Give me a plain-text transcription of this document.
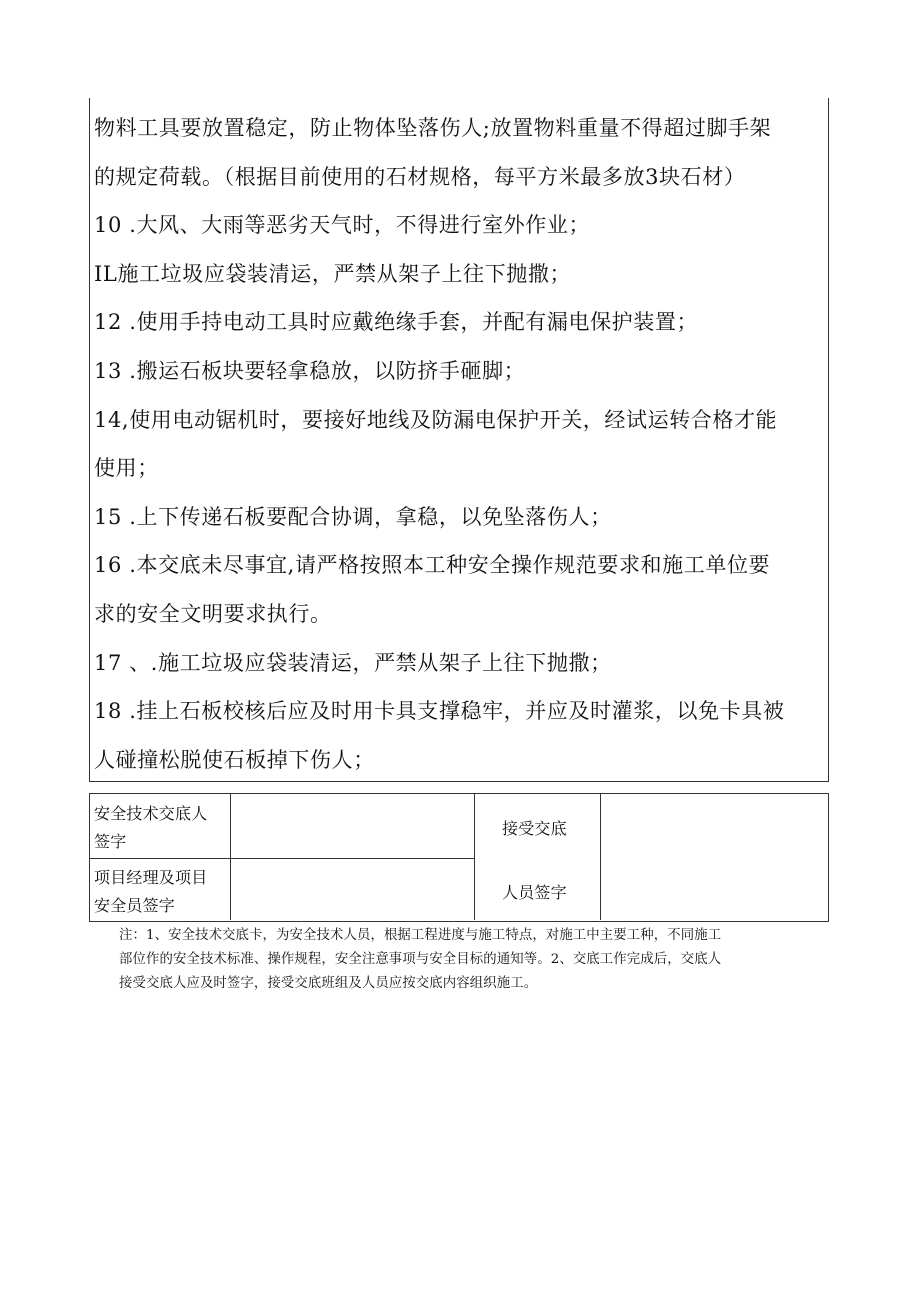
物料工具要放置稳定，防止物体坠落伤人;放置物料重量不得超过脚手架
的规定荷载。（根据目前使用的石材规格，每平方米最多放3块石材）
10 .大风、大雨等恶劣天气时，不得进行室外作业；
IL施工垃圾应袋装清运，严禁从架子上往下抛撒；
12 .使用手持电动工具时应戴绝缘手套，并配有漏电保护装置；
13 .搬运石板块要轻拿稳放，以防挤手砸脚；
14,使用电动锯机时，要接好地线及防漏电保护开关，经试运转合格才能
使用；
15 .上下传递石板要配合协调，拿稳，以免坠落伤人；
16 .本交底未尽事宜,请严格按照本工种安全操作规范要求和施工单位要
求的安全文明要求执行。
17 、.施工垃圾应袋装清运，严禁从架子上往下抛撒；
18 .挂上石板校核后应及时用卡具支撑稳牢，并应及时灌浆，以免卡具被
人碰撞松脱使石板掉下伤人；
安全技术交底人
签字
项目经理及项目
安全员签字
接受交底
人员签字
注：1、安全技术交底卡，为安全技术人员，根据工程进度与施工特点，对施工中主要工种，不同施工
部位作的安全技术标准、操作规程，安全注意事项与安全目标的通知等。2、交底工作完成后，交底人
接受交底人应及时签字，接受交底班组及人员应按交底内容组织施工。
